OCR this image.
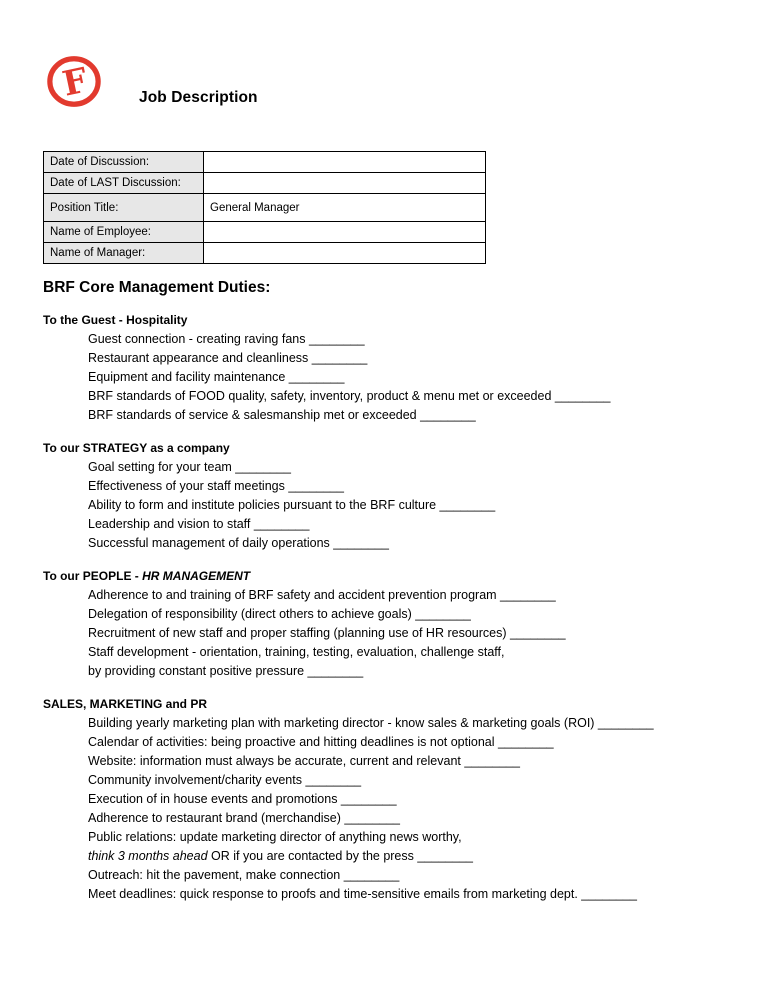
F	Job Description
Date of Discussion:	
Date of LAST Discussion:	
Position Title:	General Manager
Name of Employee:	
Name of Manager:	
BRF Core Management Duties:
To the Guest - Hospitality
Guest connection - creating raving fans ________
Restaurant appearance and cleanliness ________
Equipment and facility maintenance ________
BRF standards of FOOD quality, safety, inventory, product & menu met or exceeded ________
BRF standards of service & salesmanship met or exceeded ________
To our STRATEGY as a company
Goal setting for your team ________
Effectiveness of your staff meetings ________
Ability to form and institute policies pursuant to the BRF culture ________
Leadership and vision to staff ________
Successful management of daily operations ________
To our PEOPLE - HR MANAGEMENT
Adherence to and training of BRF safety and accident prevention program ________
Delegation of responsibility (direct others to achieve goals) ________
Recruitment of new staff and proper staffing (planning use of HR resources) ________
Staff development - orientation, training, testing, evaluation, challenge staff,
by providing constant positive pressure ________
SALES, MARKETING and PR
Building yearly marketing plan with marketing director - know sales & marketing goals (ROI) ________
Calendar of activities: being proactive and hitting deadlines is not optional ________
Website: information must always be accurate, current and relevant ________
Community involvement/charity events ________
Execution of in house events and promotions ________
Adherence to restaurant brand (merchandise) ________
Public relations: update marketing director of anything news worthy,
think 3 months ahead OR if you are contacted by the press ________
Outreach: hit the pavement, make connection ________
Meet deadlines: quick response to proofs and time-sensitive emails from marketing dept. ________
